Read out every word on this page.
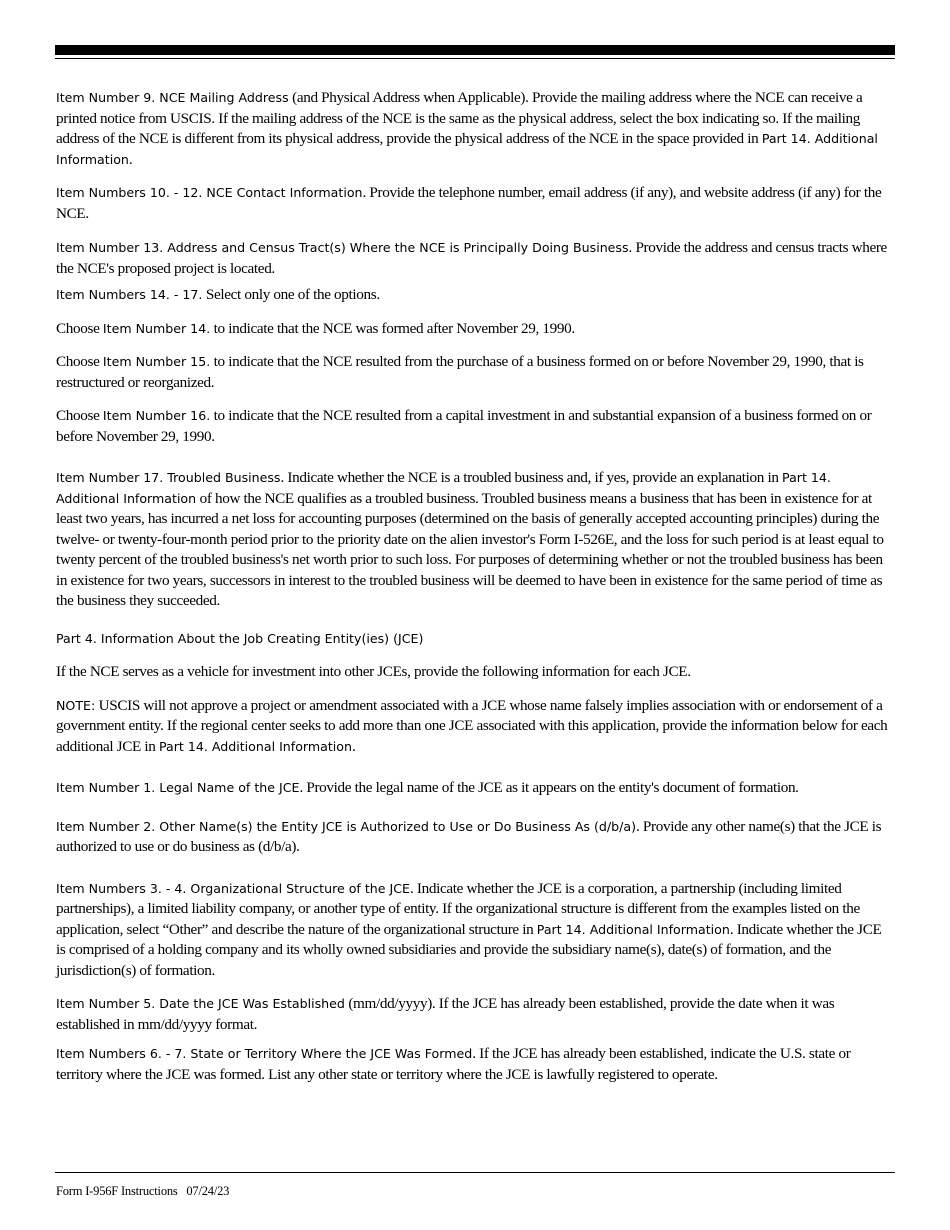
Item Number 9. NCE Mailing Address (and Physical Address when Applicable). Provide the mailing address where the NCE can receive a printed notice from USCIS. If the mailing address of the NCE is the same as the physical address, select the box indicating so. If the mailing address of the NCE is different from its physical address, provide the physical address of the NCE in the space provided in Part 14. Additional Information.

Item Numbers 10. - 12. NCE Contact Information. Provide the telephone number, email address (if any), and website address (if any) for the NCE.

Item Number 13. Address and Census Tract(s) Where the NCE is Principally Doing Business. Provide the address and census tracts where the NCE's proposed project is located.

Item Numbers 14. - 17. Select only one of the options.

Choose Item Number 14. to indicate that the NCE was formed after November 29, 1990.

Choose Item Number 15. to indicate that the NCE resulted from the purchase of a business formed on or before November 29, 1990, that is restructured or reorganized.

Choose Item Number 16. to indicate that the NCE resulted from a capital investment in and substantial expansion of a business formed on or before November 29, 1990.

Item Number 17. Troubled Business. Indicate whether the NCE is a troubled business and, if yes, provide an explanation in Part 14. Additional Information of how the NCE qualifies as a troubled business. Troubled business means a business that has been in existence for at least two years, has incurred a net loss for accounting purposes (determined on the basis of generally accepted accounting principles) during the twelve- or twenty-four-month period prior to the priority date on the alien investor's Form I-526E, and the loss for such period is at least equal to twenty percent of the troubled business's net worth prior to such loss. For purposes of determining whether or not the troubled business has been in existence for two years, successors in interest to the troubled business will be deemed to have been in existence for the same period of time as the business they succeeded.

Part 4. Information About the Job Creating Entity(ies) (JCE)

If the NCE serves as a vehicle for investment into other JCEs, provide the following information for each JCE.

NOTE: USCIS will not approve a project or amendment associated with a JCE whose name falsely implies association with or endorsement of a government entity. If the regional center seeks to add more than one JCE associated with this application, provide the information below for each additional JCE in Part 14. Additional Information.

Item Number 1. Legal Name of the JCE. Provide the legal name of the JCE as it appears on the entity's document of formation.

Item Number 2. Other Name(s) the Entity JCE is Authorized to Use or Do Business As (d/b/a). Provide any other name(s) that the JCE is authorized to use or do business as (d/b/a).

Item Numbers 3. - 4. Organizational Structure of the JCE. Indicate whether the JCE is a corporation, a partnership (including limited partnerships), a limited liability company, or another type of entity. If the organizational structure is different from the examples listed on the application, select “Other” and describe the nature of the organizational structure in Part 14. Additional Information. Indicate whether the JCE is comprised of a holding company and its wholly owned subsidiaries and provide the subsidiary name(s), date(s) of formation, and the jurisdiction(s) of formation.

Item Number 5. Date the JCE Was Established (mm/dd/yyyy). If the JCE has already been established, provide the date when it was established in mm/dd/yyyy format.

Item Numbers 6. - 7. State or Territory Where the JCE Was Formed. If the JCE has already been established, indicate the U.S. state or territory where the JCE was formed. List any other state or territory where the JCE is lawfully registered to operate.

Form I-956F Instructions 07/24/23
